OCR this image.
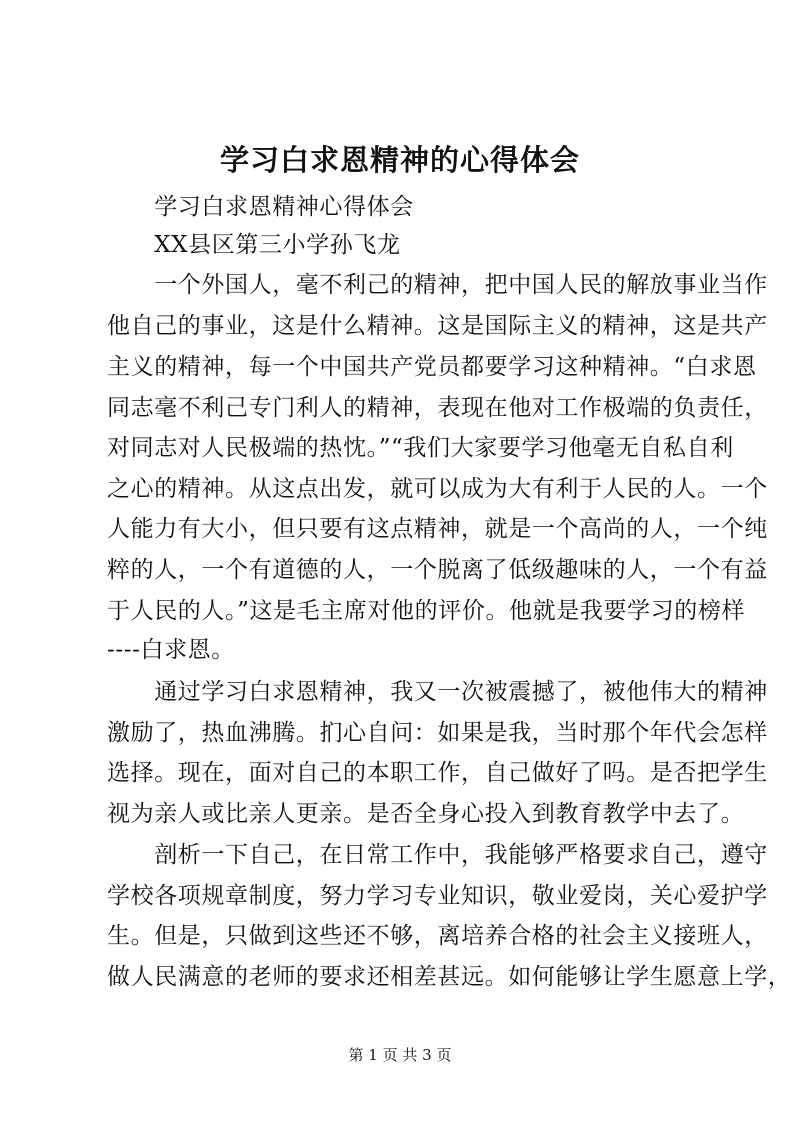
学习白求恩精神的心得体会
　　学习白求恩精神心得体会
　　XX县区第三小学孙飞龙
　　一个外国人，毫不利己的精神，把中国人民的解放事业当作
他自己的事业，这是什么精神。这是国际主义的精神，这是共产
主义的精神，每一个中国共产党员都要学习这种精神。“白求恩
同志毫不利己专门利人的精神，表现在他对工作极端的负责任，
对同志对人民极端的热忱。”“我们大家要学习他毫无自私自利
之心的精神。从这点出发，就可以成为大有利于人民的人。一个
人能力有大小，但只要有这点精神，就是一个高尚的人，一个纯
粹的人，一个有道德的人，一个脱离了低级趣味的人，一个有益
于人民的人。”这是毛主席对他的评价。他就是我要学习的榜样
----白求恩。
　　通过学习白求恩精神，我又一次被震撼了，被他伟大的精神
激励了，热血沸腾。扪心自问：如果是我，当时那个年代会怎样
选择。现在，面对自己的本职工作，自己做好了吗。是否把学生
视为亲人或比亲人更亲。是否全身心投入到教育教学中去了。
　　剖析一下自己，在日常工作中，我能够严格要求自己，遵守
学校各项规章制度，努力学习专业知识，敬业爱岗，关心爱护学
生。但是，只做到这些还不够，离培养合格的社会主义接班人，
做人民满意的老师的要求还相差甚远。如何能够让学生愿意上学，
第 1 页 共 3 页
